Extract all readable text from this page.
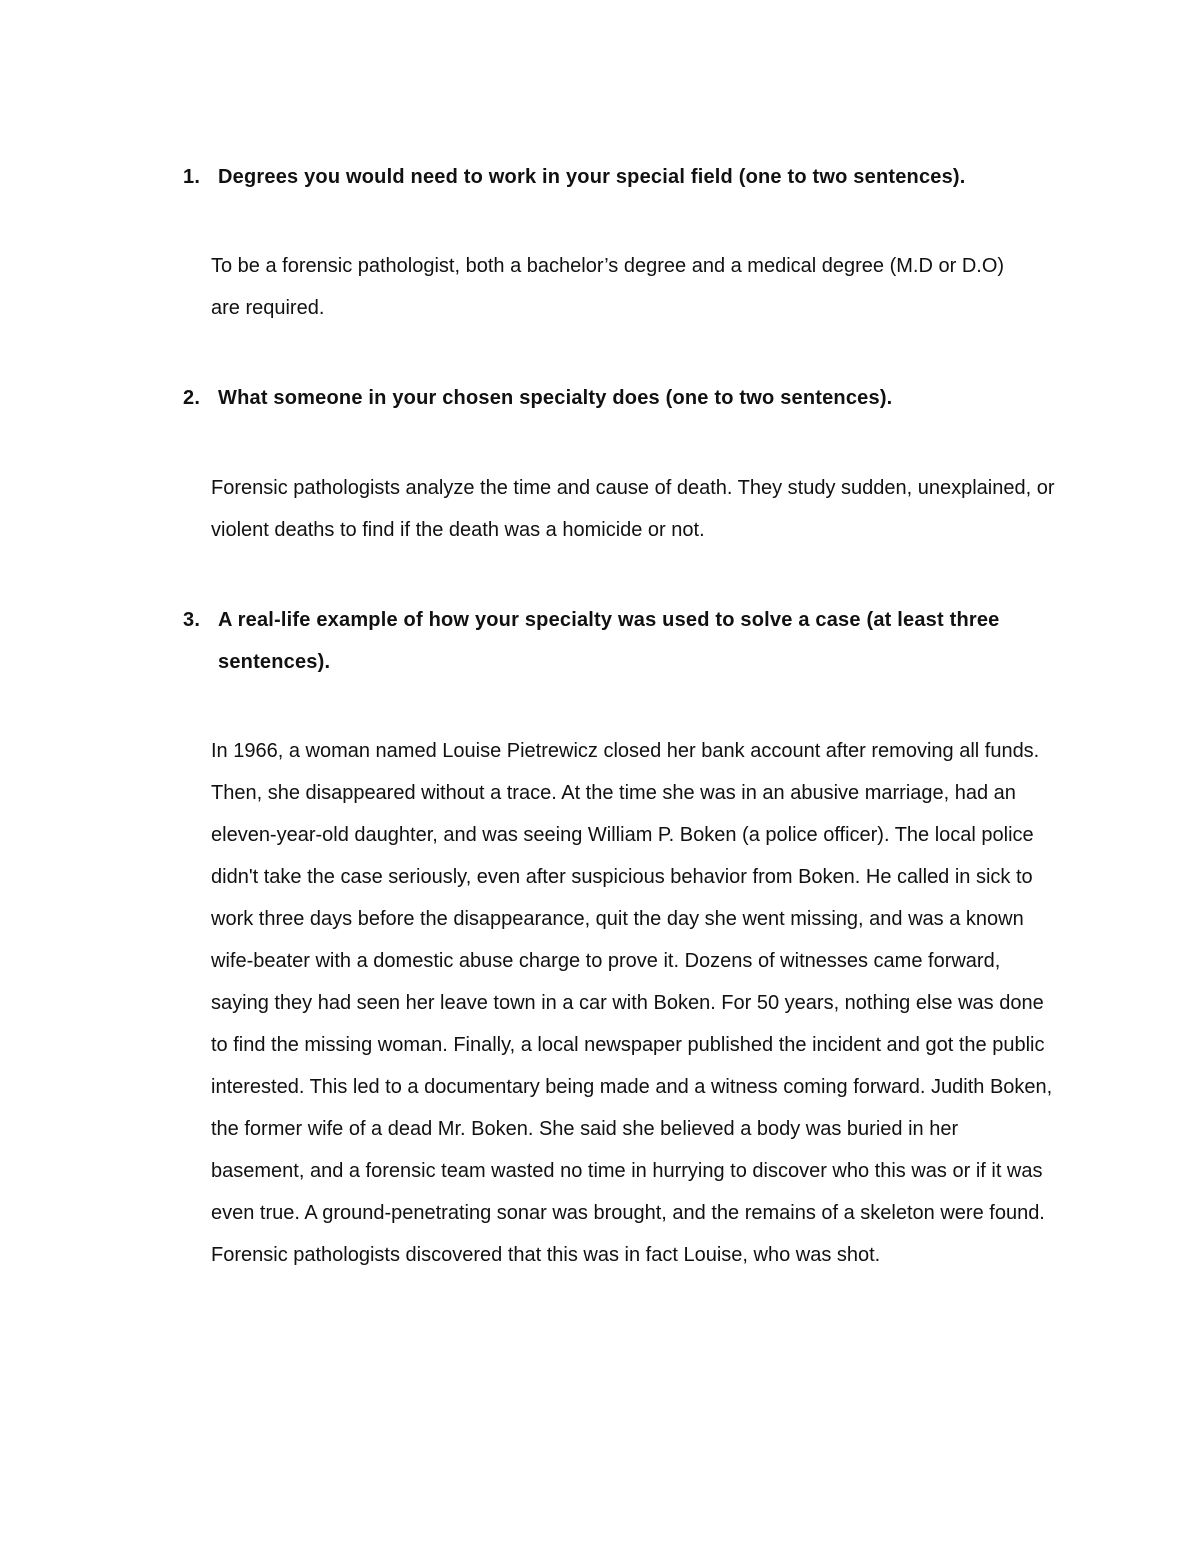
1. Degrees you would need to work in your special field (one to two sentences).

To be a forensic pathologist, both a bachelor’s degree and a medical degree (M.D or D.O) are required.

2. What someone in your chosen specialty does (one to two sentences).

Forensic pathologists analyze the time and cause of death. They study sudden, unexplained, or violent deaths to find if the death was a homicide or not.

3. A real-life example of how your specialty was used to solve a case (at least three sentences).

In 1966, a woman named Louise Pietrewicz closed her bank account after removing all funds. Then, she disappeared without a trace. At the time she was in an abusive marriage, had an eleven-year-old daughter, and was seeing William P. Boken (a police officer). The local police didn't take the case seriously, even after suspicious behavior from Boken. He called in sick to work three days before the disappearance, quit the day she went missing, and was a known wife-beater with a domestic abuse charge to prove it. Dozens of witnesses came forward, saying they had seen her leave town in a car with Boken. For 50 years, nothing else was done to find the missing woman. Finally, a local newspaper published the incident and got the public interested. This led to a documentary being made and a witness coming forward. Judith Boken, the former wife of a dead Mr. Boken. She said she believed a body was buried in her basement, and a forensic team wasted no time in hurrying to discover who this was or if it was even true. A ground-penetrating sonar was brought, and the remains of a skeleton were found. Forensic pathologists discovered that this was in fact Louise, who was shot.
